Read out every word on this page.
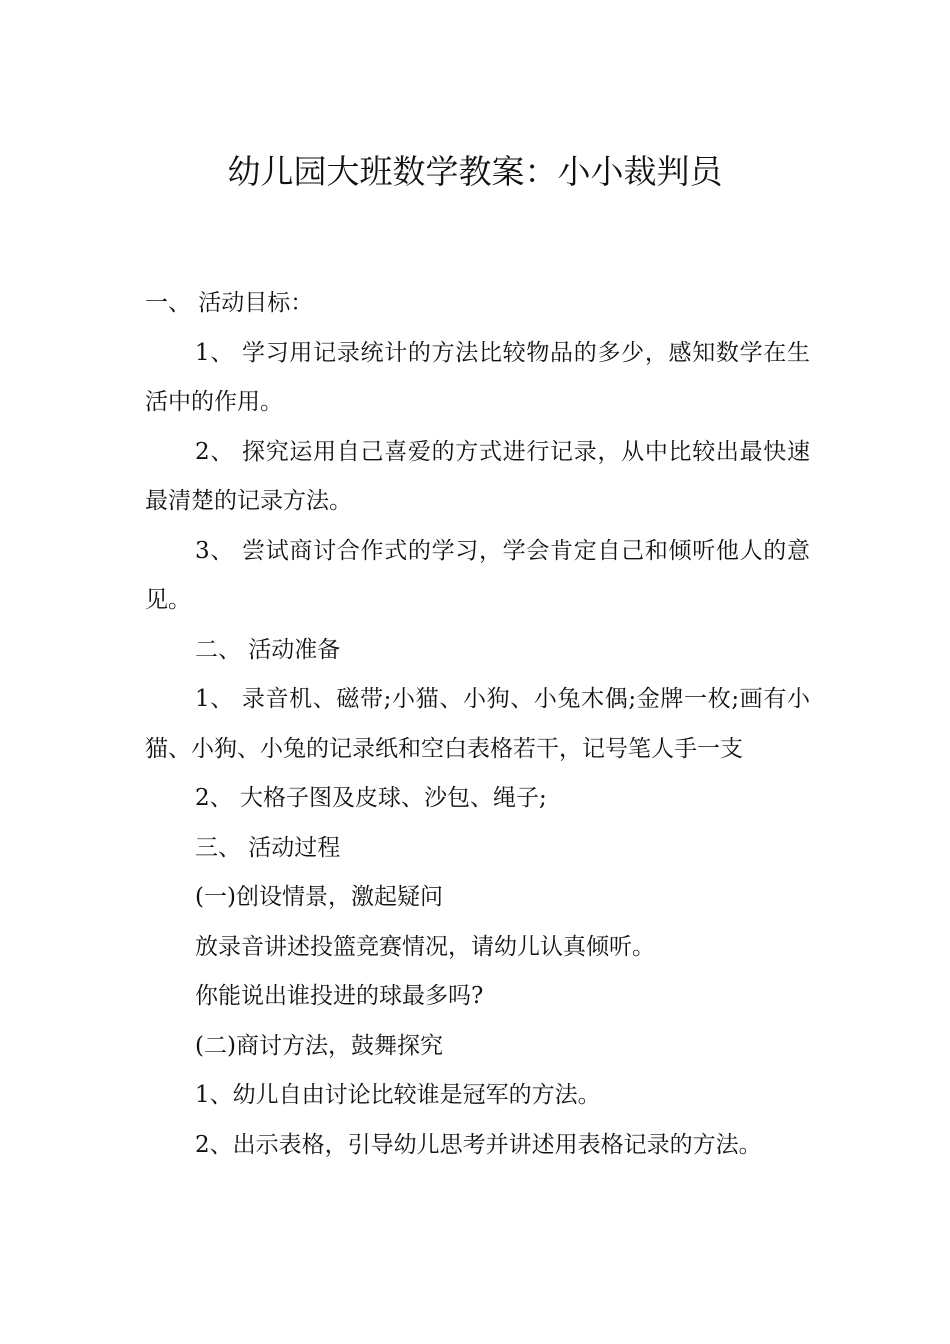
幼儿园大班数学教案：小小裁判员

一、 活动目标：

1、 学习用记录统计的方法比较物品的多少，感知数学在生活中的作用。

2、 探究运用自己喜爱的方式进行记录，从中比较出最快速最清楚的记录方法。

3、 尝试商讨合作式的学习，学会肯定自己和倾听他人的意见。

二、 活动准备

1、 录音机、磁带;小猫、小狗、小兔木偶;金牌一枚;画有小猫、小狗、小兔的记录纸和空白表格若干，记号笔人手一支

2、 大格子图及皮球、沙包、绳子;

三、 活动过程

(一)创设情景，激起疑问

放录音讲述投篮竞赛情况，请幼儿认真倾听。

你能说出谁投进的球最多吗?

(二)商讨方法，鼓舞探究

1、幼儿自由讨论比较谁是冠军的方法。

2、出示表格，引导幼儿思考并讲述用表格记录的方法。
